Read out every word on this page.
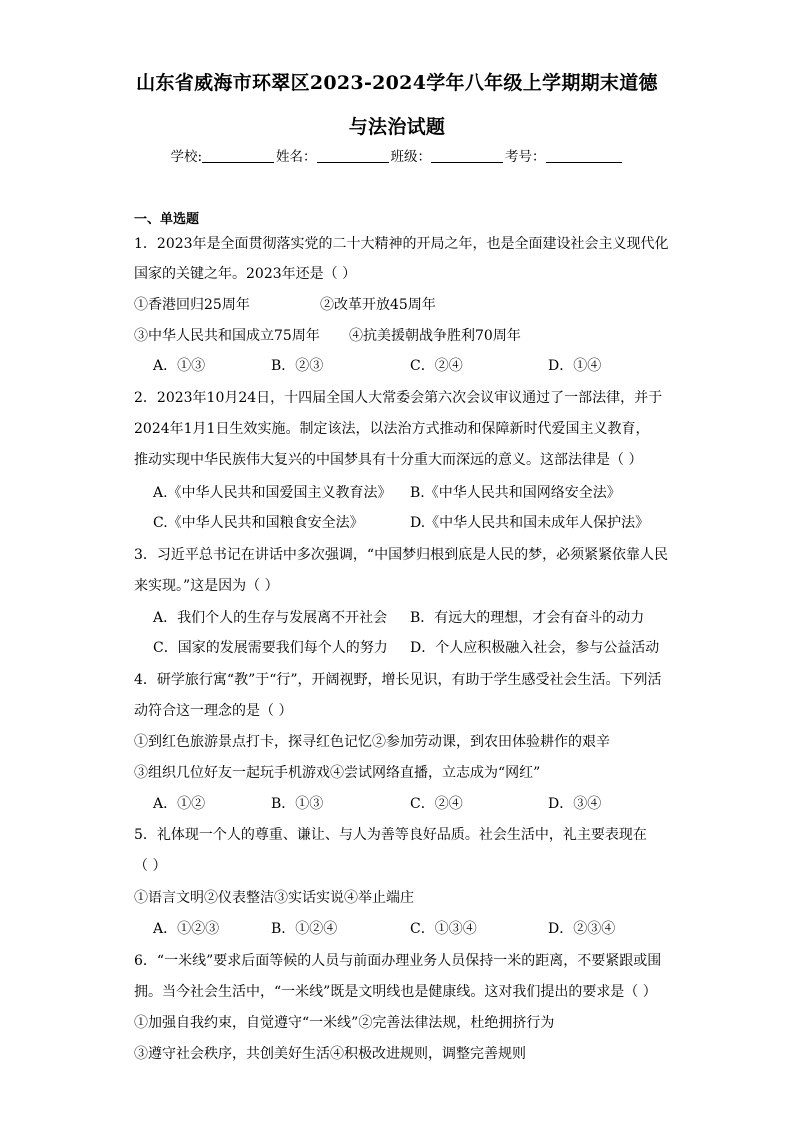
山东省威海市环翠区2023-2024学年八年级上学期期末道德
与法治试题
学校:	姓名：	班级：	考号：
一、单选题
1．2023年是全面贯彻落实党的二十大精神的开局之年，也是全面建设社会主义现代化
国家的关键之年。2023年还是（ ）
①香港回归25周年	②改革开放45周年
③中华人民共和国成立75周年 ④抗美援朝战争胜利70周年
A．①③	B．②③	C．②④	D．①④
2．2023年10月24日，十四届全国人大常委会第六次会议审议通过了一部法律，并于
2024年1月1日生效实施。制定该法，以法治方式推动和保障新时代爱国主义教育，
推动实现中华民族伟大复兴的中国梦具有十分重大而深远的意义。这部法律是（ ）
A.《中华人民共和国爱国主义教育法》 B.《中华人民共和国网络安全法》
C.《中华人民共和国粮食安全法》	D.《中华人民共和国未成年人保护法》
3．习近平总书记在讲话中多次强调，“中国梦归根到底是人民的梦，必须紧紧依靠人民
来实现。”这是因为（ ）
A．我们个人的生存与发展离不开社会 B．有远大的理想，才会有奋斗的动力
C．国家的发展需要我们每个人的努力 D．个人应积极融入社会，参与公益活动
4．研学旅行寓“教”于“行”，开阔视野，增长见识，有助于学生感受社会生活。下列活
动符合这一理念的是（ ）
①到红色旅游景点打卡，探寻红色记忆②参加劳动课，到农田体验耕作的艰辛
③组织几位好友一起玩手机游戏④尝试网络直播，立志成为“网红”
A．①②	B．①③	C．②④	D．③④
5．礼体现一个人的尊重、谦让、与人为善等良好品质。社会生活中，礼主要表现在
（ ）
①语言文明②仪表整洁③实话实说④举止端庄
A．①②③	B．①②④	C．①③④	D．②③④
6．“一米线”要求后面等候的人员与前面办理业务人员保持一米的距离，不要紧跟或围
拥。当今社会生活中，“一米线”既是文明线也是健康线。这对我们提出的要求是（ ）
①加强自我约束，自觉遵守“一米线”②完善法律法规，杜绝拥挤行为
③遵守社会秩序，共创美好生活④积极改进规则，调整完善规则
